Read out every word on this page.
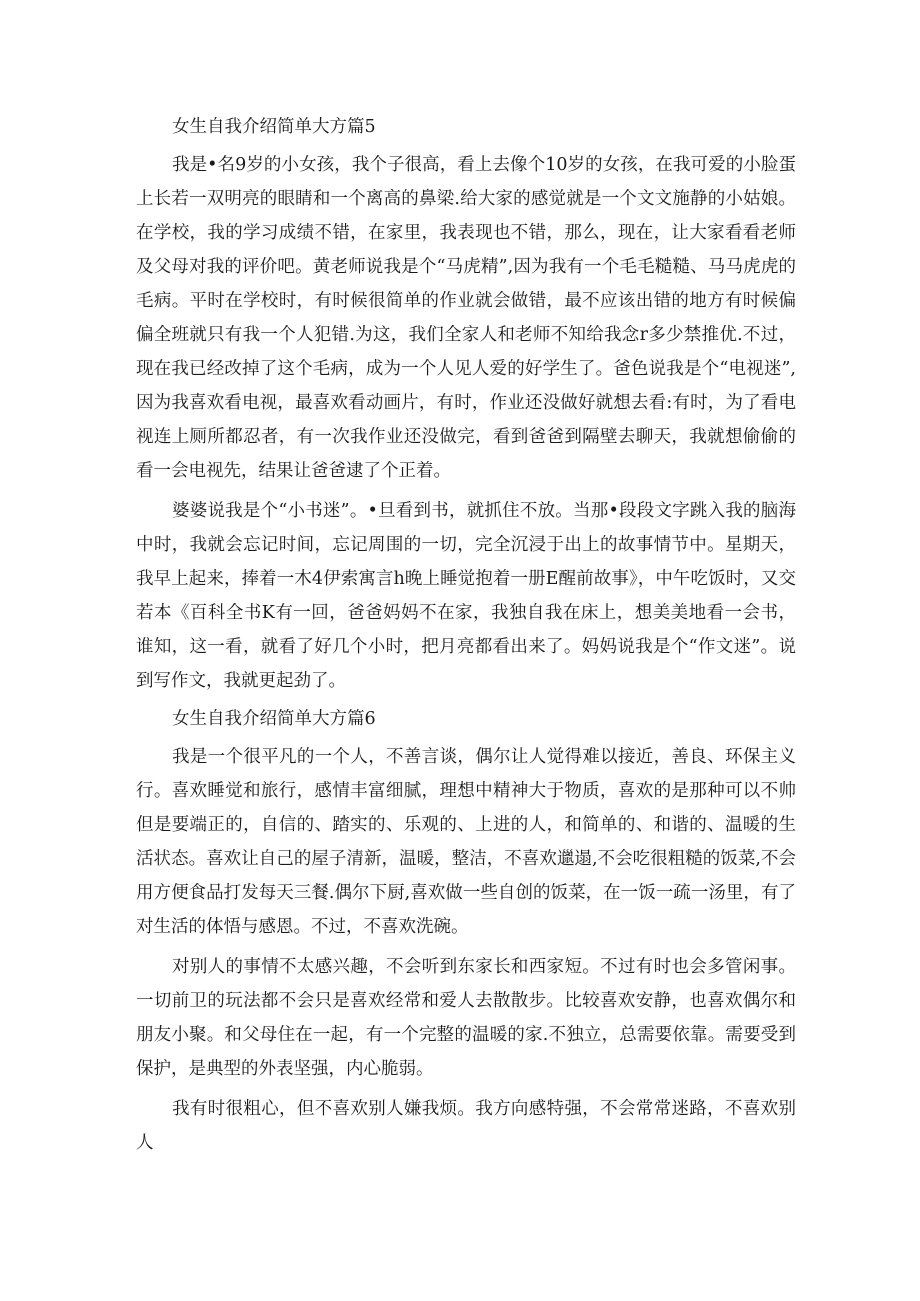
女生自我介绍简单大方篇5

我是•名9岁的小女孩，我个子很高，看上去像个10岁的女孩，在我可爱的小脸蛋上长若一双明亮的眼睛和一个离高的鼻梁.给大家的感觉就是一个文文施静的小姑娘。在学校，我的学习成绩不错，在家里，我表现也不错，那么，现在，让大家看看老师及父母对我的评价吧。黄老师说我是个“马虎精”,因为我有一个毛毛糙糙、马马虎虎的毛病。平时在学校时，有时候很简单的作业就会做错，最不应该出错的地方有时候偏偏全班就只有我一个人犯错.为这，我们全家人和老师不知给我念r多少禁推优.不过，现在我已经改掉了这个毛病，成为一个人见人爱的好学生了。爸色说我是个“电视迷”,因为我喜欢看电视，最喜欢看动画片，有时，作业还没做好就想去看:有时，为了看电视连上厕所都忍者，有一次我作业还没做完，看到爸爸到隔壁去聊天，我就想偷偷的看一会电视先，结果让爸爸逮了个正着。

婆婆说我是个“小书迷”。•旦看到书，就抓住不放。当那•段段文字跳入我的脑海中时，我就会忘记时间，忘记周围的一切，完全沉浸于出上的故事情节中。星期天，我早上起来，捧着一木4伊索寓言h晚上睡觉抱着一册E醒前故事》，中午吃饭时，又交若本《百科全书K有一回，爸爸妈妈不在家，我独自我在床上，想美美地看一会书，谁知，这一看，就看了好几个小时，把月亮都看出来了。妈妈说我是个“作文迷”。说到写作文，我就更起劲了。

女生自我介绍简单大方篇6

我是一个很平凡的一个人，不善言谈，偶尔让人觉得难以接近，善良、环保主义行。喜欢睡觉和旅行，感情丰富细腻，理想中精神大于物质，喜欢的是那种可以不帅但是要端正的，自信的、踏实的、乐观的、上进的人，和简单的、和谐的、温暖的生活状态。喜欢让自己的屋子清新，温暖，整洁，不喜欢邋遢,不会吃很粗糙的饭菜,不会用方便食品打发每天三餐.偶尔下厨,喜欢做一些自创的饭菜，在一饭一疏一汤里，有了对生活的体悟与感恩。不过，不喜欢洗碗。

对别人的事情不太感兴趣，不会听到东家长和西家短。不过有时也会多管闲事。一切前卫的玩法都不会只是喜欢经常和爱人去散散步。比较喜欢安静，也喜欢偶尔和朋友小聚。和父母住在一起，有一个完整的温暖的家.不独立，总需要依靠。需要受到保护，是典型的外表坚强，内心脆弱。

我有时很粗心，但不喜欢别人嫌我烦。我方向感特强，不会常常迷路，不喜欢别人
